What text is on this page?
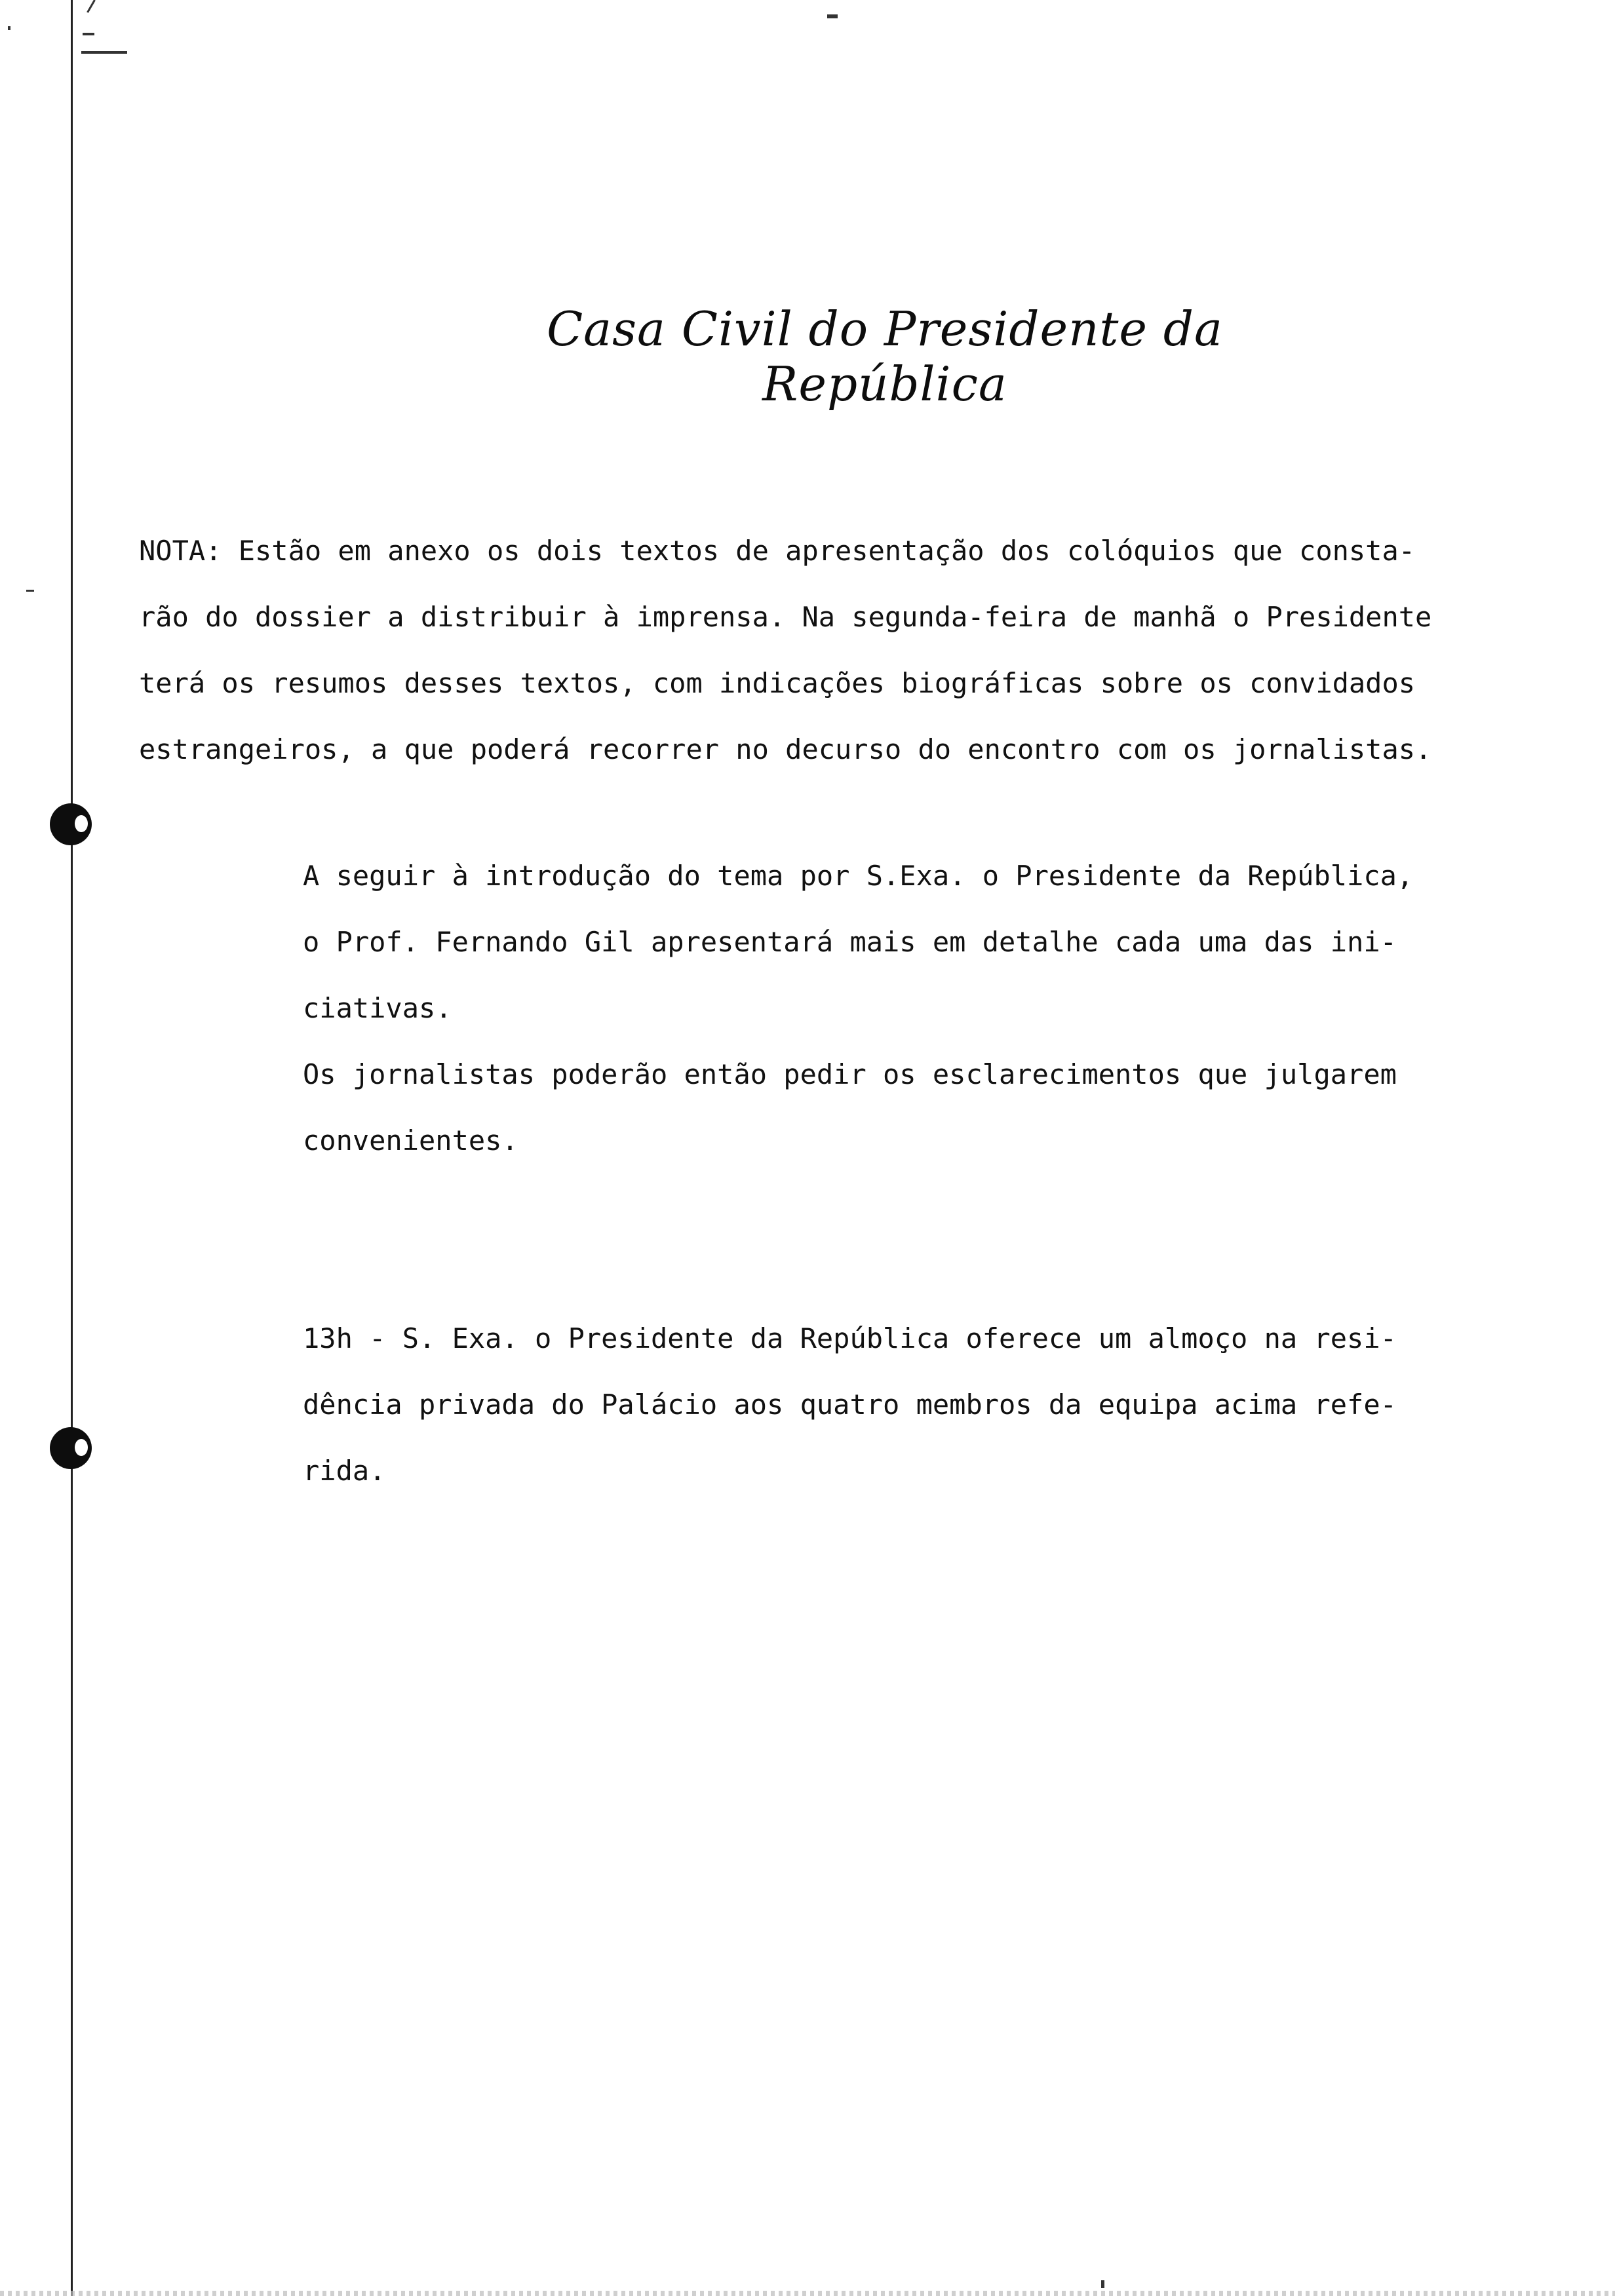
Casa Civil do Presidente da República
NOTA: Estão em anexo os dois textos de apresentação dos colóquios que consta-
rão do dossier a distribuir à imprensa. Na segunda-feira de manhã o Presidente
terá os resumos desses textos, com indicações biográficas sobre os convidados
estrangeiros, a que poderá recorrer no decurso do encontro com os jornalistas.
A seguir à introdução do tema por S.Exa. o Presidente da República,
o Prof. Fernando Gil apresentará mais em detalhe cada uma das ini-
ciativas.
Os jornalistas poderão então pedir os esclarecimentos que julgarem
convenientes.
13h - S. Exa. o Presidente da República oferece um almoço na resi-
dência privada do Palácio aos quatro membros da equipa acima refe-
rida.
